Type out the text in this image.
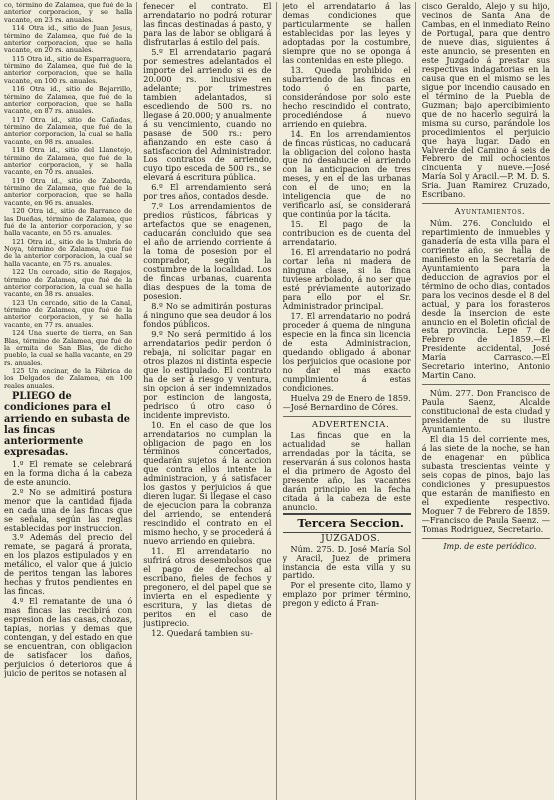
co, término de Zalamea, que fué de la anterior corporacion, y se halla vacante, en 23 rs. anuales.

114 Otra id., sitio de Juan Jesus, término de Zalamea, que fué de la anterior corporacion, que se halla vacante, en 20 rs. anuales.

115 Otra id., sitio de Esparraguera, término de Zalamea, que fué de la anterior corporacion, que se halla vacante, en 100 rs. anuales.

116 Otra id., sitio de Bejarrillo, término de Zalamea, que fué de la anterior corporacion, que se halla vacante, en 87 rs. anuales.

117 Otra id., sitio de Cañadas, término de Zalamea, que fué de la anterior corporacion, la cual se halla vacante, en 98 rs. anuales.

118 Otra id., sitio del Llanetejo, término de Zalamea, que fué de la anterior corporacion, y se halla vacante, en 70 rs. anuales.

119 Otra id., sitio de Zaborda, término de Zalamea, que fué de la anterior corporacion, que se halla vacante, en 96 rs. anuales.

120 Otra id., sitio de Barranco de las Dueñas, término de Zalamea, que fué de la anterior corporacion, y se halla vacante, en 55 rs. anuales.

121 Otra id., sitio de la Umbría de Noya, término de Zalamea, que fué de la anterior corporacion, la cual se halla vacante, en 75 rs. anuales.

122 Un cercado, sitio de Regajos, término de Zalamea, que fué de la anterior corporacion, la cual se halla vacante, en 38 rs. anuales.

123 Un cercado, sitio de la Canal, término de Zalamea, que fué de la anterior corporacion, y se halla vacante, en 77 rs. anuales.

124 Una suerte de tierra, en San Blas, término de Zalamea, que fué de la ermita de San Blas, de dicho pueblo, la cual se halla vacante, en 29 rs. anuales.

125 Un encinar, de la Fábrica de los Delgados de Zalamea, en 100 reales anuales.

PLIEGO de condiciones para el arriendo en subasta de las fincas anteriormente expresadas.

1.º El remate se celebrará en la forma dicha á la cabeza de este anuncio.

2.º No se admitirá postura menor que la cantidad fijada en cada una de las fincas que se señala, según las reglas establecidas por instruccion.

3.º Además del precio del remate, se pagará á prorata, en los plazos estipulados y en metálico, el valor que á juicio de peritos tengan las labores hechas y frutos pendientes en las fincas.

4.º El rematante de una ó mas fincas las recibirá con espresion de las casas, chozas, tapias, norias y demas que contengan, y del estado en que se encuentran, con obligacion de satisfacer los daños, perjuicios ó deterioros que á juicio de peritos se notasen al

fenecer el contrato. El arrendatario no podrá roturar las fincas destinadas á pasto, y para las de labor se obligará á disfrutarlas á estilo del país.

5.º El arrendatario pagará por semestres adelantados el importe del arriendo si es de 20.000 rs. inclusive en adelante; por trimestres tambien adelantados, si escediendo de 500 rs. no llegase á 20.000; y anualmente á su vencimiento, cuando no pasase de 500 rs.: pero afianzando en este caso á satisfaccion del Administrador. Los contratos de arriendo, cuyo tipo esceda de 500 rs., se elevará á escritura pública.

6.º El arrendamiento será por tres años, contados desde.

7.º Los arrendamientos de predios rústicos, fábricas y artefactos que se enagenen, caducarán concluido que sea el año de arriendo corriente á la toma de posesion por el comprador, según la costumbre de la localidad. Los de fincas urbanas, cuarenta dias despues de la toma de posesion.

8.º No se admitirán posturas á ninguno que sea deudor á los fondos públicos.

9.º No será permitido á los arrendatarios pedir perdon ó rebaja, ni solicitar pagar en otros plazos ni distinta especie que lo estipulado. El contrato ha de ser á riesgo y ventura, sin opcion á ser indemnizados por estincion de langosta, pedrisco ú otro caso ó incidente imprevisto.

10. En el caso de que los arrendatarios no cumplan la obligacion de pago en los términos concertados, quedarán sujetos á la accion que contra ellos intente la administracion, y á satisfacer los gastos y perjuicios á que dieren lugar. Si llegase el caso de ejecucion para la cobranza del arriendo, se entenderá rescindido el contrato en el mismo hecho, y se procederá á nuevo arriendo en quiebra.

11. El arrendatario no sufrirá otros desembolsos que el pago de derechos al escribano, fieles de fechos y pregonero, el del papel que se invierta en el espediente y escritura, y las dietas de peritos en el caso de justiprecio.

12. Quedará tambien su-

jeto el arrendatario á las demas condiciones que particularmente se hallen establecidas por las leyes y adoptadas por la costumbre, siempre que no se oponga á las contenidas en este pliego.

13. Queda prohibido el subarriendo de las fincas en todo ó en parte, considerándose por solo este hecho rescindido el contrato, procediéndose á nuevo arriendo en quiebra.

14. En los arrendamientos de fincas rústicas, no caducará la obligacion del colono hasta que no desahucie el arriendo con la anticipacion de tres meses, y en el de las urbanas con el de uno; en la inteligencia que de no verificarlo así, se considerará que continúa por la tácita.

15. El pago de la contribucion es de cuenta del arrendatario.

16. El arrendatario no podrá cortar leña ni madera de ninguna clase, si la finca tuviese arbolado, á no ser que esté préviamente autorizado para ello por el Sr. Administrador principal.

17. El arrendatario no podrá proceder á quema de ninguna especie en la finca sin licencia de esta Administracion, quedando obligado á abonar los perjuicios que ocasione por no dar el mas exacto cumplimiento á estas condiciones.

Huelva 29 de Enero de 1859.—José Bernardino de Córes.

ADVERTENCIA.

Las fincas que en la actualidad se hallan arrendadas por la tácita, se reservarán á sus colonos hasta el dia primero de Agosto del presente año, las vacantes darán principio en la fecha citada á la cabeza de este anuncio.

Tercera Seccion.

JUZGADOS.

Núm. 275. D. José María Sol y Aracil, Juez de primera instancia de esta villa y su partido.

Por el presente cito, llamo y emplazo por primer término, pregon y edicto á Fran-

cisco Geraldo, Alejo y su hijo, vecinos de Santa Ana de Cambas, en el inmediato Reino de Portugal, para que dentro de nueve dias, siguientes á este anuncio, se presenten en este Juzgado á prestar sus respectivas indagatorias en la causa que en el mismo se les sigue por incendio causado en el término de la Puebla de Guzman; bajo apercibimiento que de no hacerlo seguirá la misma su curso, parándole los procedimientos el perjuicio que haya lugar. Dado en Valverde del Camino á seis de Febrero de mil ochocientos cincuenta y nueve.—José María Sol y Aracil.—P. M. D. S. Sria. Juan Ramirez Cruzado, Escribano.

Ayuntamientos.

Núm. 276. Concluido el repartimiento de inmuebles y ganadería de esta villa para el corriente año, se halla de manifiesto en la Secretaría de Ayuntamiento para la deduccion de agravios por el término de ocho dias, contados para los vecinos desde el 8 del actual, y para los forasteros desde la insercion de este anuncio en el Boletin oficial de esta provincia. Lepe 7 de Febrero de 1859.—El Presidente accidental, José María Carrasco.—El Secretario interino, Antonio Martin Cano.

Núm. 277. Don Francisco de Paula Saenz, Alcalde constitucional de esta ciudad y presidente de su ilustre Ayuntamiento.

El dia 15 del corriente mes, á las siete de la noche, se han de enagenar en pública subasta trescientas veinte y seis copas de pinos, bajo las condiciones y presupuestos que estarán de manifiesto en el expediente respectivo. Moguer 7 de Febrero de 1859. —Francisco de Paula Saenz. —Tomas Rodriguez, Secretario.

Imp. de este periódico.
